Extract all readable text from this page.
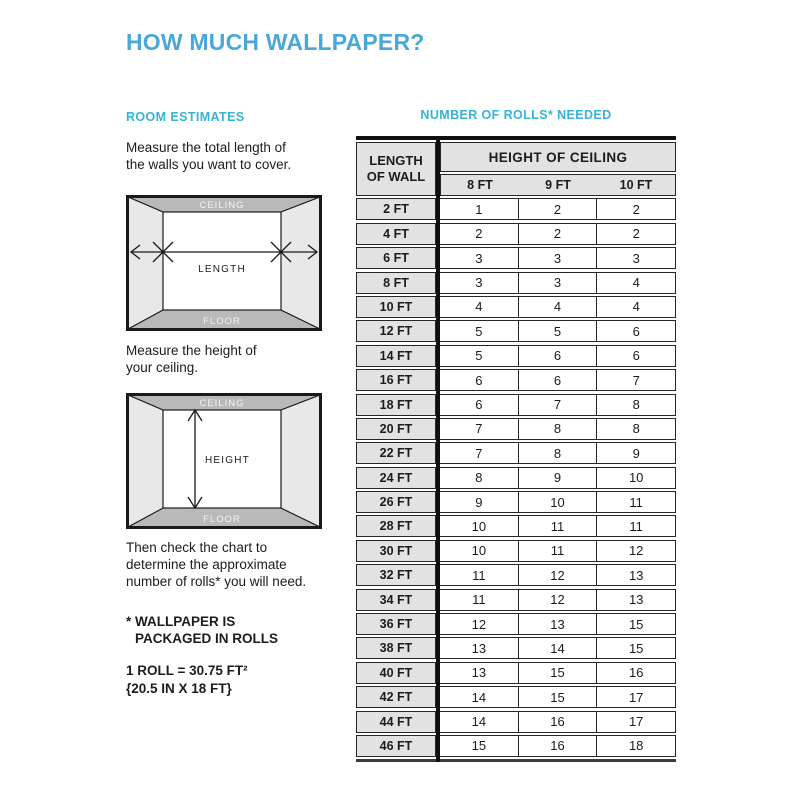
HOW MUCH WALLPAPER?
ROOM ESTIMATES

Measure the total length of
the walls you want to cover.

CEILING
FLOOR
LENGTH

Measure the height of
your ceiling.

CEILING
FLOOR
HEIGHT

Then check the chart to
determine the approximate
number of rolls* you will need.

* WALLPAPER IS
PACKAGED IN ROLLS
1 ROLL = 30.75 FT²
{20.5 IN X 18 FT}
NUMBER OF ROLLS* NEEDED
LENGTH
OF WALL
HEIGHT OF CEILING
8 FT	9 FT	10 FT
2 FT	1	2	2
4 FT	2	2	2
6 FT	3	3	3
8 FT	3	3	4
10 FT	4	4	4
12 FT	5	5	6
14 FT	5	6	6
16 FT	6	6	7
18 FT	6	7	8
20 FT	7	8	8
22 FT	7	8	9
24 FT	8	9	10
26 FT	9	10	11
28 FT	10	11	11
30 FT	10	11	12
32 FT	11	12	13
34 FT	11	12	13
36 FT	12	13	15
38 FT	13	14	15
40 FT	13	15	16
42 FT	14	15	17
44 FT	14	16	17
46 FT	15	16	18
